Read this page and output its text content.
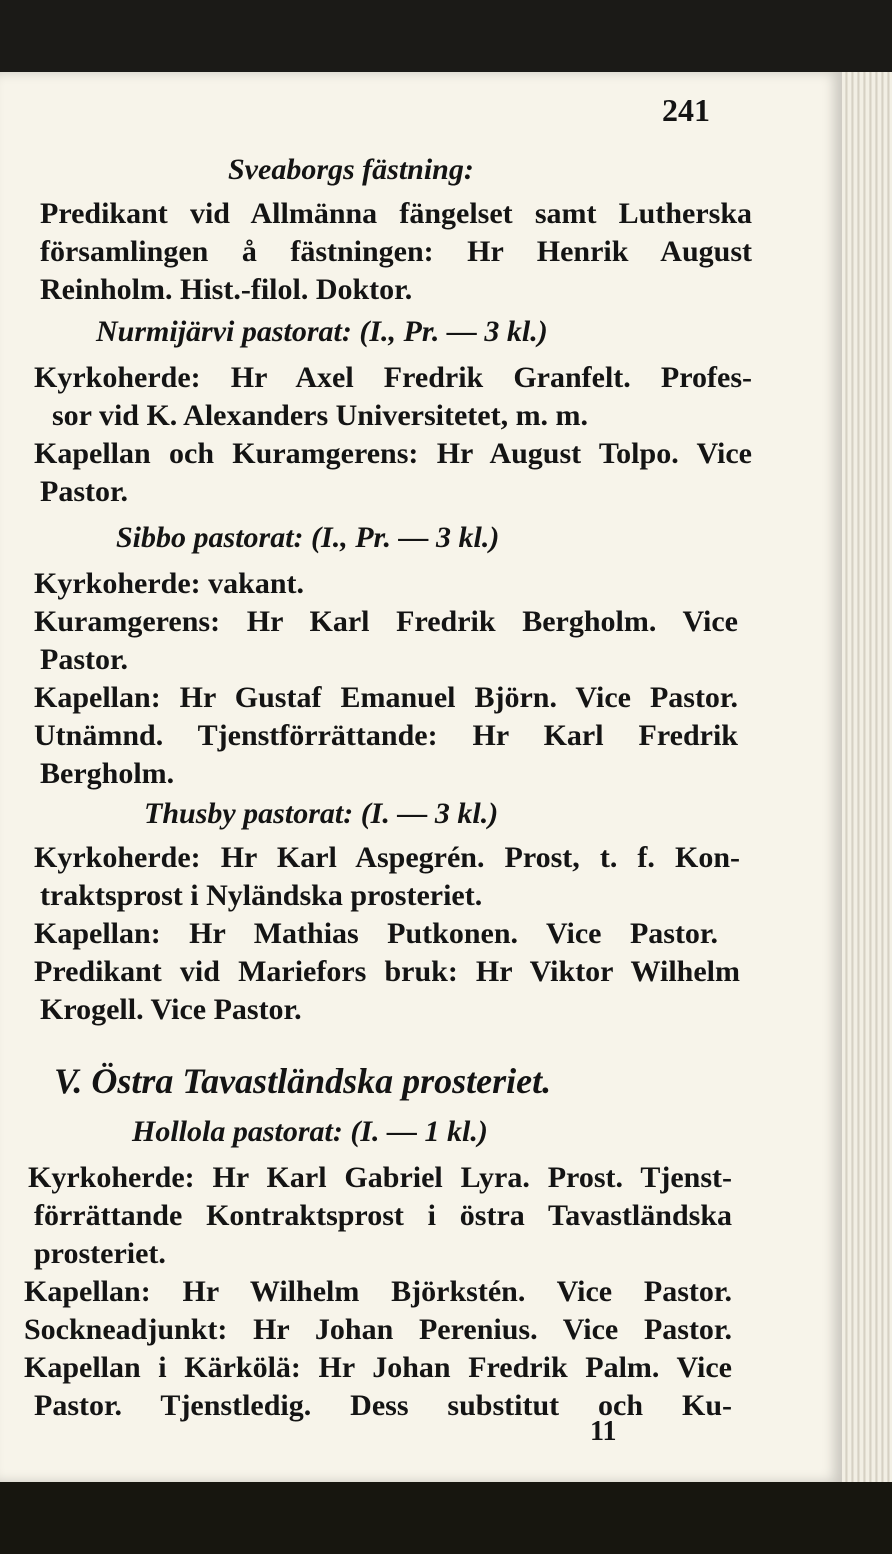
241
Sveaborgs fästning:
Predikant vid Allmänna fängelset samt Lutherska
församlingen å fästningen: Hr Henrik August
Reinholm. Hist.-filol. Doktor.
Nurmijärvi pastorat: (I., Pr. — 3 kl.)
Kyrkoherde: Hr Axel Fredrik Granfelt. Profes-
sor vid K. Alexanders Universitetet, m. m.
Kapellan och Kuramgerens: Hr August Tolpo. Vice
Pastor.
Sibbo pastorat: (I., Pr. — 3 kl.)
Kyrkoherde: vakant.
Kuramgerens: Hr Karl Fredrik Bergholm. Vice
Pastor.
Kapellan: Hr Gustaf Emanuel Björn. Vice Pastor.
Utnämnd. Tjenstförrättande: Hr Karl Fredrik
Bergholm.
Thusby pastorat: (I. — 3 kl.)
Kyrkoherde: Hr Karl Aspegrén. Prost, t. f. Kon-
traktsprost i Nyländska prosteriet.
Kapellan: Hr Mathias Putkonen. Vice Pastor.
Predikant vid Mariefors bruk: Hr Viktor Wilhelm
Krogell. Vice Pastor.
V. Östra Tavastländska prosteriet.
Hollola pastorat: (I. — 1 kl.)
Kyrkoherde: Hr Karl Gabriel Lyra. Prost. Tjenst-
förrättande Kontraktsprost i östra Tavastländska
prosteriet.
Kapellan: Hr Wilhelm Björkstén. Vice Pastor.
Sockneadjunkt: Hr Johan Perenius. Vice Pastor.
Kapellan i Kärkölä: Hr Johan Fredrik Palm. Vice
Pastor. Tjenstledig. Dess substitut och Ku-
11
